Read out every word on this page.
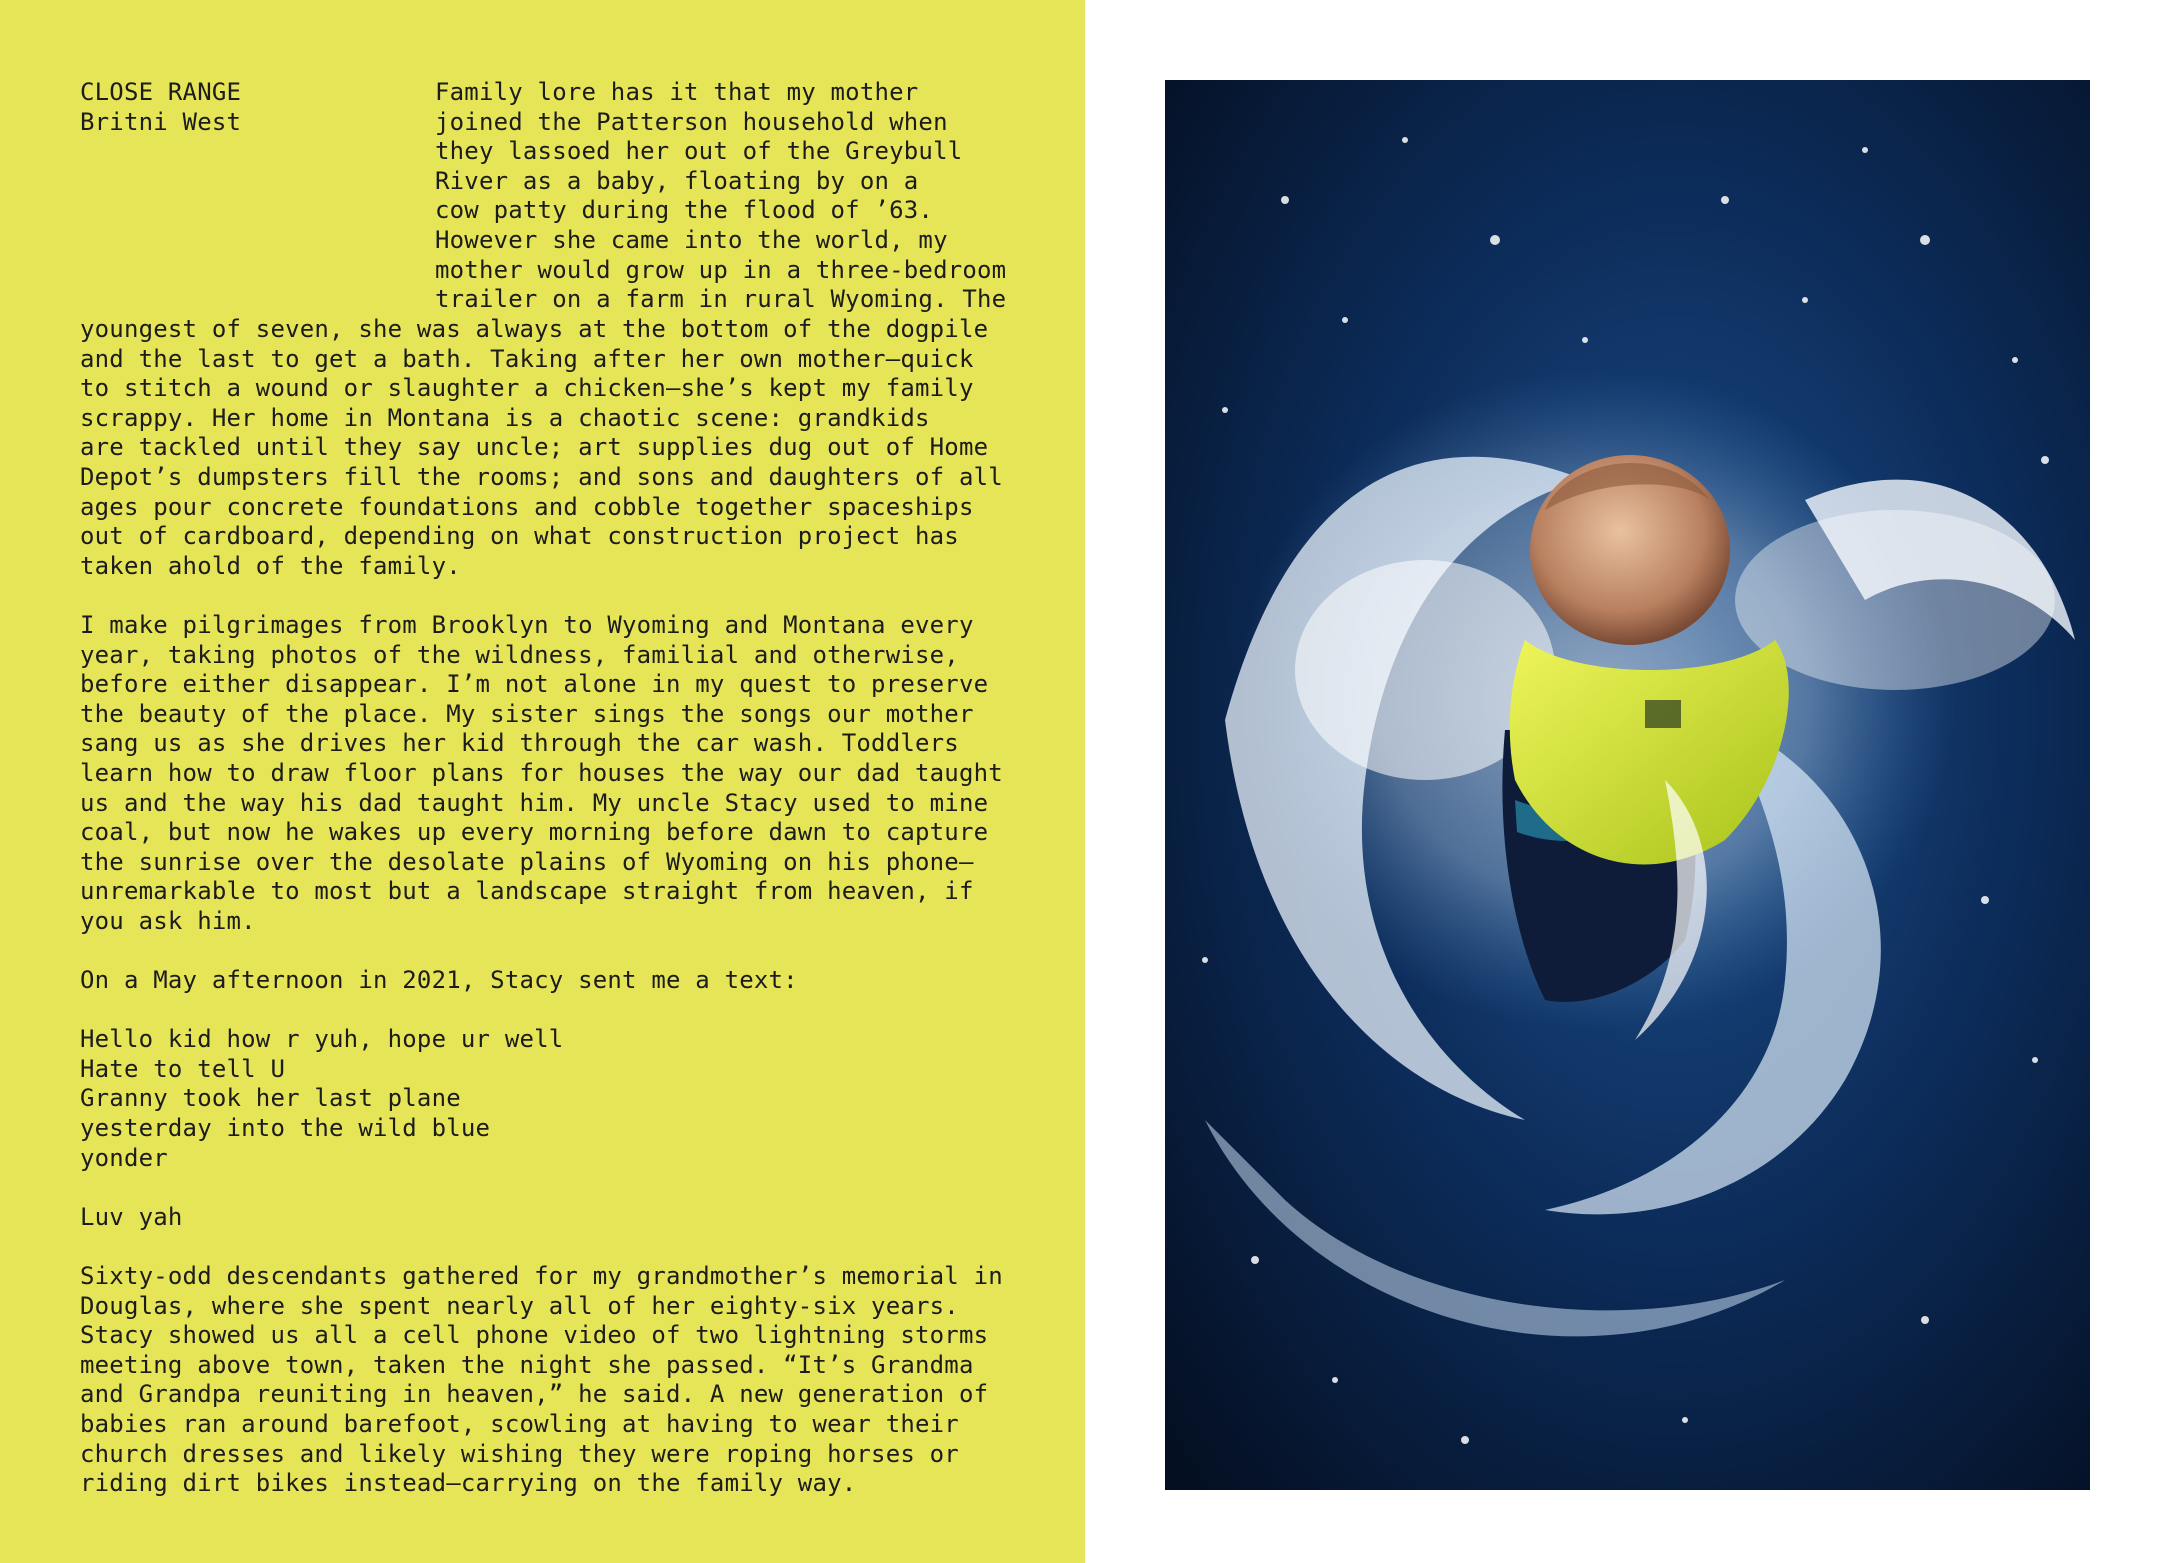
CLOSE RANGE
Britni West
Family lore has it that my mother
joined the Patterson household when
they lassoed her out of the Greybull
River as a baby, floating by on a
cow patty during the flood of ’63.
However she came into the world, my
mother would grow up in a three-bedroom
trailer on a farm in rural Wyoming. The
youngest of seven, she was always at the bottom of the dogpile
and the last to get a bath. Taking after her own mother—quick
to stitch a wound or slaughter a chicken—she’s kept my family
scrappy. Her home in Montana is a chaotic scene: grandkids
are tackled until they say uncle; art supplies dug out of Home
Depot’s dumpsters fill the rooms; and sons and daughters of all
ages pour concrete foundations and cobble together spaceships
out of cardboard, depending on what construction project has
taken ahold of the family.

I make pilgrimages from Brooklyn to Wyoming and Montana every
year, taking photos of the wildness, familial and otherwise,
before either disappear. I’m not alone in my quest to preserve
the beauty of the place. My sister sings the songs our mother
sang us as she drives her kid through the car wash. Toddlers
learn how to draw floor plans for houses the way our dad taught
us and the way his dad taught him. My uncle Stacy used to mine
coal, but now he wakes up every morning before dawn to capture
the sunrise over the desolate plains of Wyoming on his phone—
unremarkable to most but a landscape straight from heaven, if
you ask him.

On a May afternoon in 2021, Stacy sent me a text:

Hello kid how r yuh, hope ur well
Hate to tell U
Granny took her last plane
yesterday into the wild blue
yonder

Luv yah

Sixty-odd descendants gathered for my grandmother’s memorial in
Douglas, where she spent nearly all of her eighty-six years.
Stacy showed us all a cell phone video of two lightning storms
meeting above town, taken the night she passed. “It’s Grandma
and Grandpa reuniting in heaven,” he said. A new generation of
babies ran around barefoot, scowling at having to wear their
church dresses and likely wishing they were roping horses or
riding dirt bikes instead—carrying on the family way.
